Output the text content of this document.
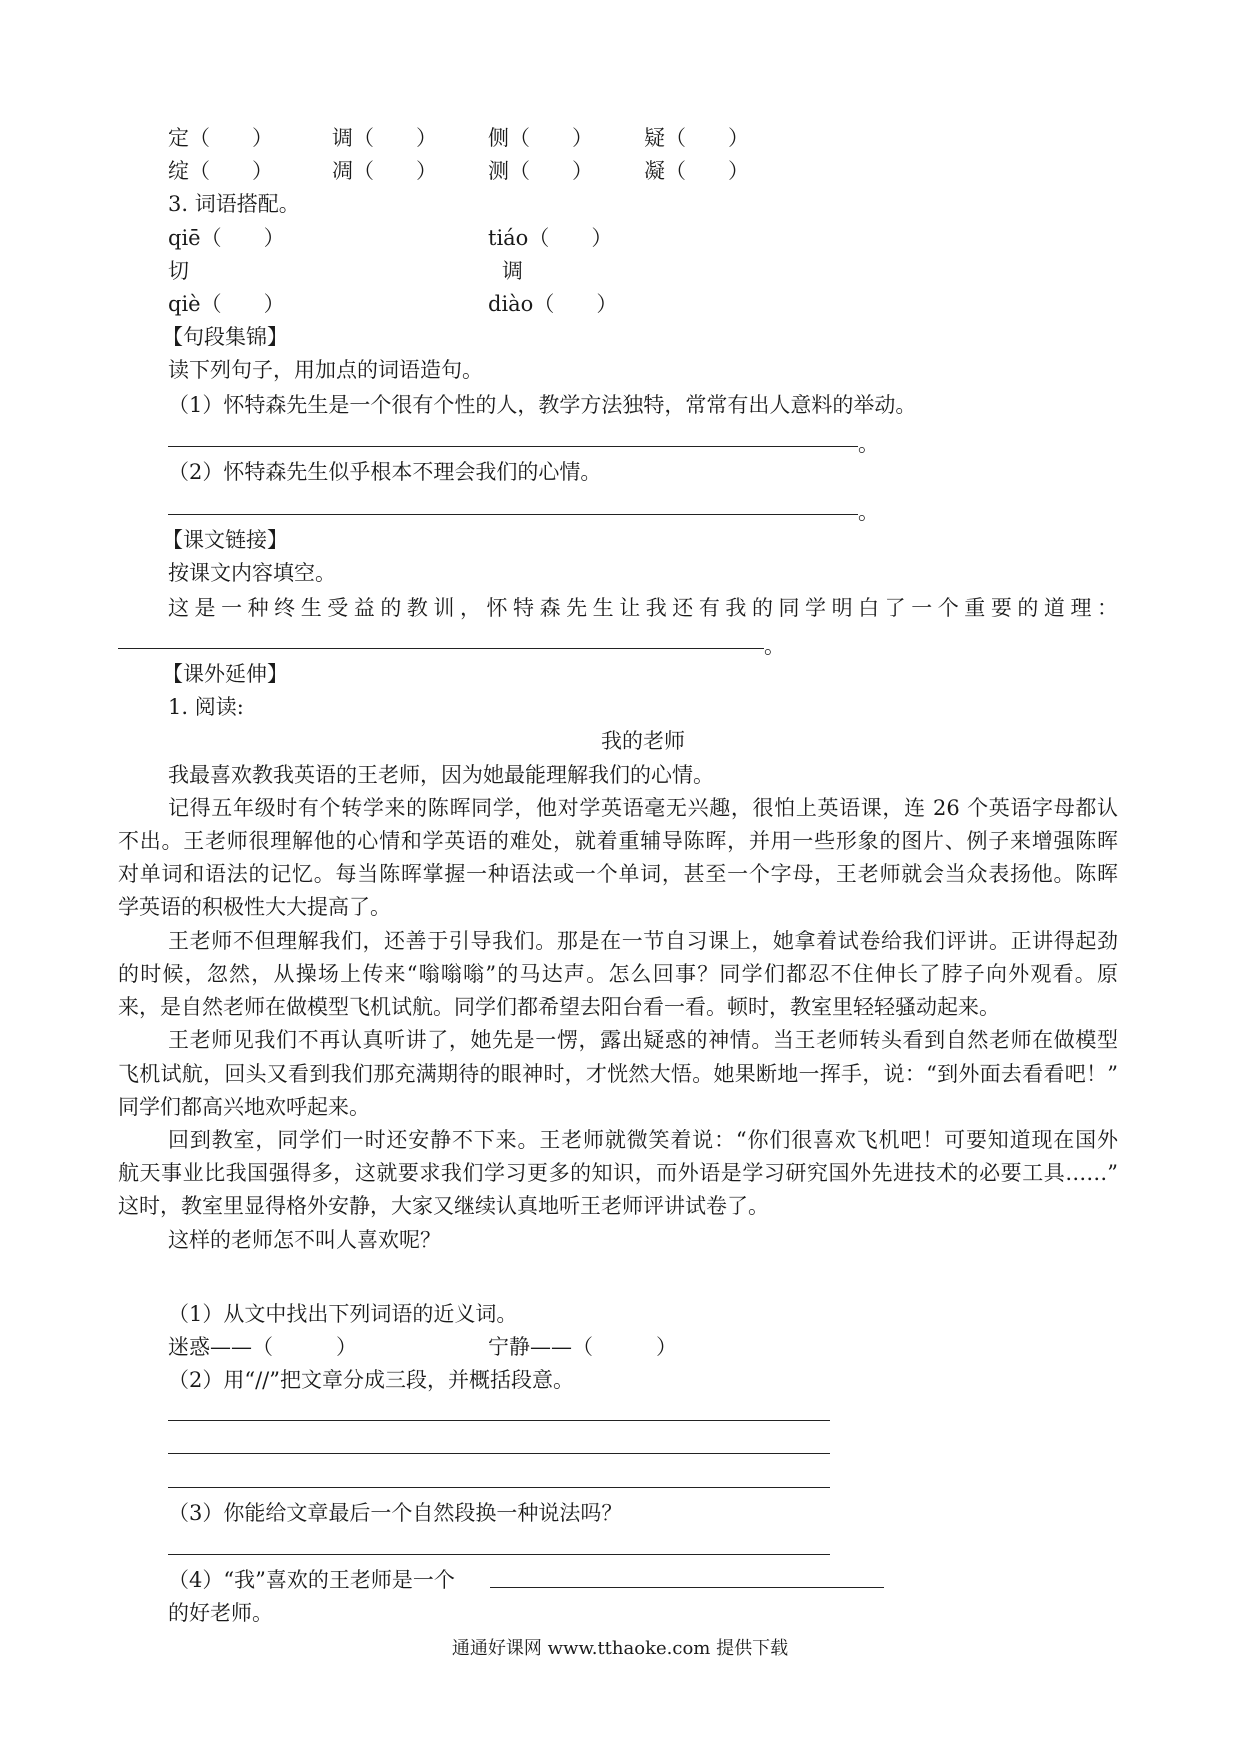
定（　　）	调（　　） 侧（　　） 疑（　　）
绽（　　）	凋（　　） 测（　　） 凝（　　）
3. 词语搭配。
qiē（　　）	tiáo（　　）
切	调
qiè（　　）	diào（　　）
【句段集锦】
读下列句子，用加点的词语造句。
（1）怀特森先生是一个很有个性的人，教学方法独特，常常有出人意料的举动。
。
（2）怀特森先生似乎根本不理会我们的心情。
。
【课文链接】
按课文内容填空。
这是一种终生受益的教训，怀特森先生让我还有我的同学明白了一个重要的道理：
。
【课外延伸】
1. 阅读:
我的老师
我最喜欢教我英语的王老师，因为她最能理解我们的心情。
记得五年级时有个转学来的陈晖同学，他对学英语毫无兴趣，很怕上英语课，连 26 个英语字母都认
不出。王老师很理解他的心情和学英语的难处，就着重辅导陈晖，并用一些形象的图片、例子来增强陈晖
对单词和语法的记忆。每当陈晖掌握一种语法或一个单词，甚至一个字母，王老师就会当众表扬他。陈晖
学英语的积极性大大提高了。
王老师不但理解我们，还善于引导我们。那是在一节自习课上，她拿着试卷给我们评讲。正讲得起劲
的时候，忽然，从操场上传来“嗡嗡嗡”的马达声。怎么回事？同学们都忍不住伸长了脖子向外观看。原
来，是自然老师在做模型飞机试航。同学们都希望去阳台看一看。顿时，教室里轻轻骚动起来。
王老师见我们不再认真听讲了，她先是一愣，露出疑惑的神情。当王老师转头看到自然老师在做模型
飞机试航，回头又看到我们那充满期待的眼神时，才恍然大悟。她果断地一挥手，说：“到外面去看看吧！”
同学们都高兴地欢呼起来。
回到教室，同学们一时还安静不下来。王老师就微笑着说：“你们很喜欢飞机吧！可要知道现在国外
航天事业比我国强得多，这就要求我们学习更多的知识，而外语是学习研究国外先进技术的必要工具……”
这时，教室里显得格外安静，大家又继续认真地听王老师评讲试卷了。
这样的老师怎不叫人喜欢呢？
（1）从文中找出下列词语的近义词。
迷惑——（　　　）	宁静——（　　　）
（2）用“//”把文章分成三段，并概括段意。
（3）你能给文章最后一个自然段换一种说法吗？
（4）“我”喜欢的王老师是一个
的好老师。
通通好课网 www.tthaoke.com 提供下载
